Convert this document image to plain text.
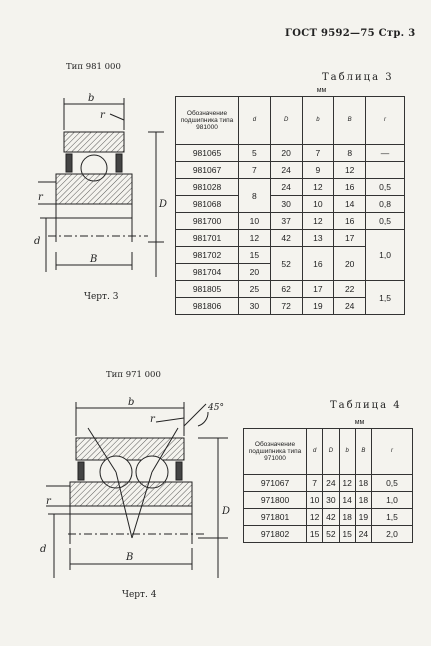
ГОСТ 9592—75 Стр. 3
Тип 981 000
Таблица 3
b
r
D
d
r
B
Черт. 3
	мм				
Обозначение подшипника типа 981000	d	D	b	B	r
981065	5	20	7	8	—
981067	7	24	9	12	
981028	8	24	12	16	0,5
981068		30	10	14	0,8
981700	10	37	12	16	0,5
981701	12	42	13	17	1,0
981702	15	52	16	20	
981704	20				
981805	25	62	17	22	1,5
981806	30	72	19	24	
Тип 971 000
Таблица 4
b
r
45°
D
d
r
B
Черт. 4
	мм				
Обозначение подшипника типа 971000	d	D	b	B	r
971067	7	24	12	18	0,5
971800	10	30	14	18	1,0
971801	12	42	18	19	1,5
971802	15	52	15	24	2,0
